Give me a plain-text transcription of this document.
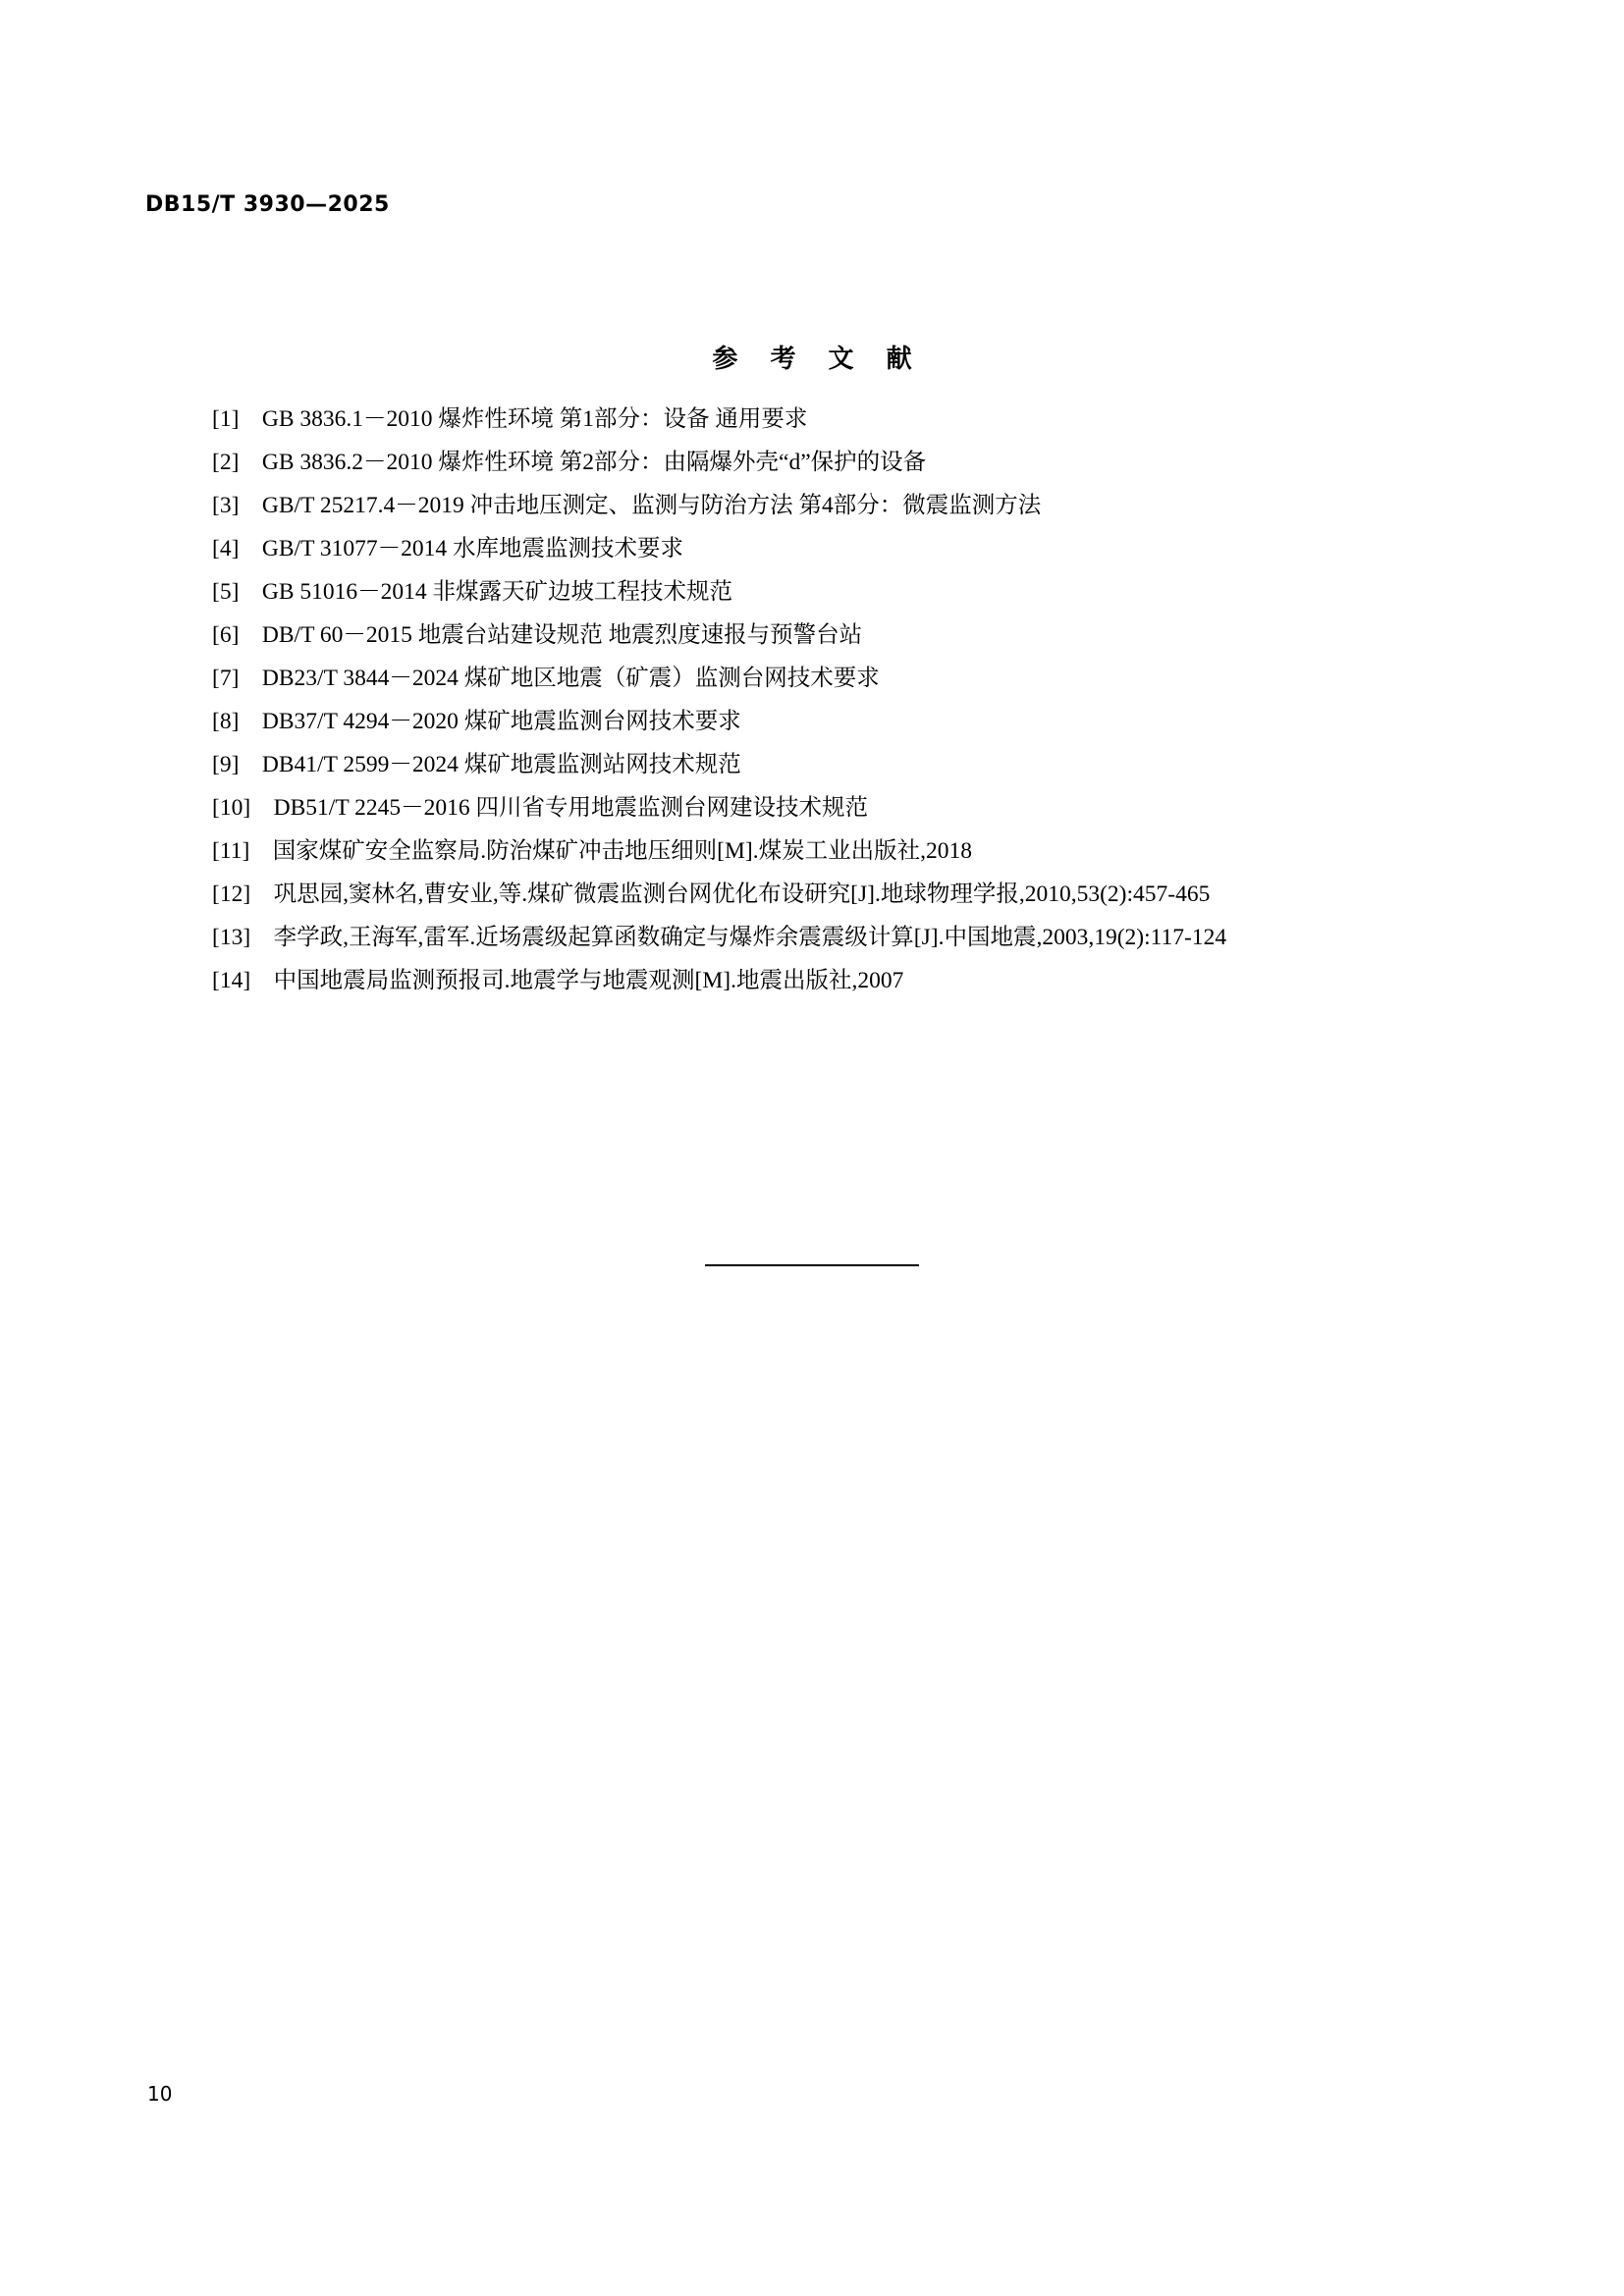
DB15/T 3930—2025
参 考 文 献

[1]　GB 3836.1－2010 爆炸性环境 第1部分：设备 通用要求

[2]　GB 3836.2－2010 爆炸性环境 第2部分：由隔爆外壳“d”保护的设备

[3]　GB/T 25217.4－2019 冲击地压测定、监测与防治方法 第4部分：微震监测方法

[4]　GB/T 31077－2014 水库地震监测技术要求

[5]　GB 51016－2014 非煤露天矿边坡工程技术规范

[6]　DB/T 60－2015 地震台站建设规范 地震烈度速报与预警台站

[7]　DB23/T 3844－2024 煤矿地区地震（矿震）监测台网技术要求

[8]　DB37/T 4294－2020 煤矿地震监测台网技术要求

[9]　DB41/T 2599－2024 煤矿地震监测站网技术规范

[10]　DB51/T 2245－2016 四川省专用地震监测台网建设技术规范

[11]　国家煤矿安全监察局.防治煤矿冲击地压细则[M].煤炭工业出版社,2018

[12]　巩思园,窦林名,曹安业,等.煤矿微震监测台网优化布设研究[J].地球物理学报,2010,53(2):457-465

[13]　李学政,王海军,雷军.近场震级起算函数确定与爆炸余震震级计算[J].中国地震,2003,19(2):117-124

[14]　中国地震局监测预报司.地震学与地震观测[M].地震出版社,2007

10
